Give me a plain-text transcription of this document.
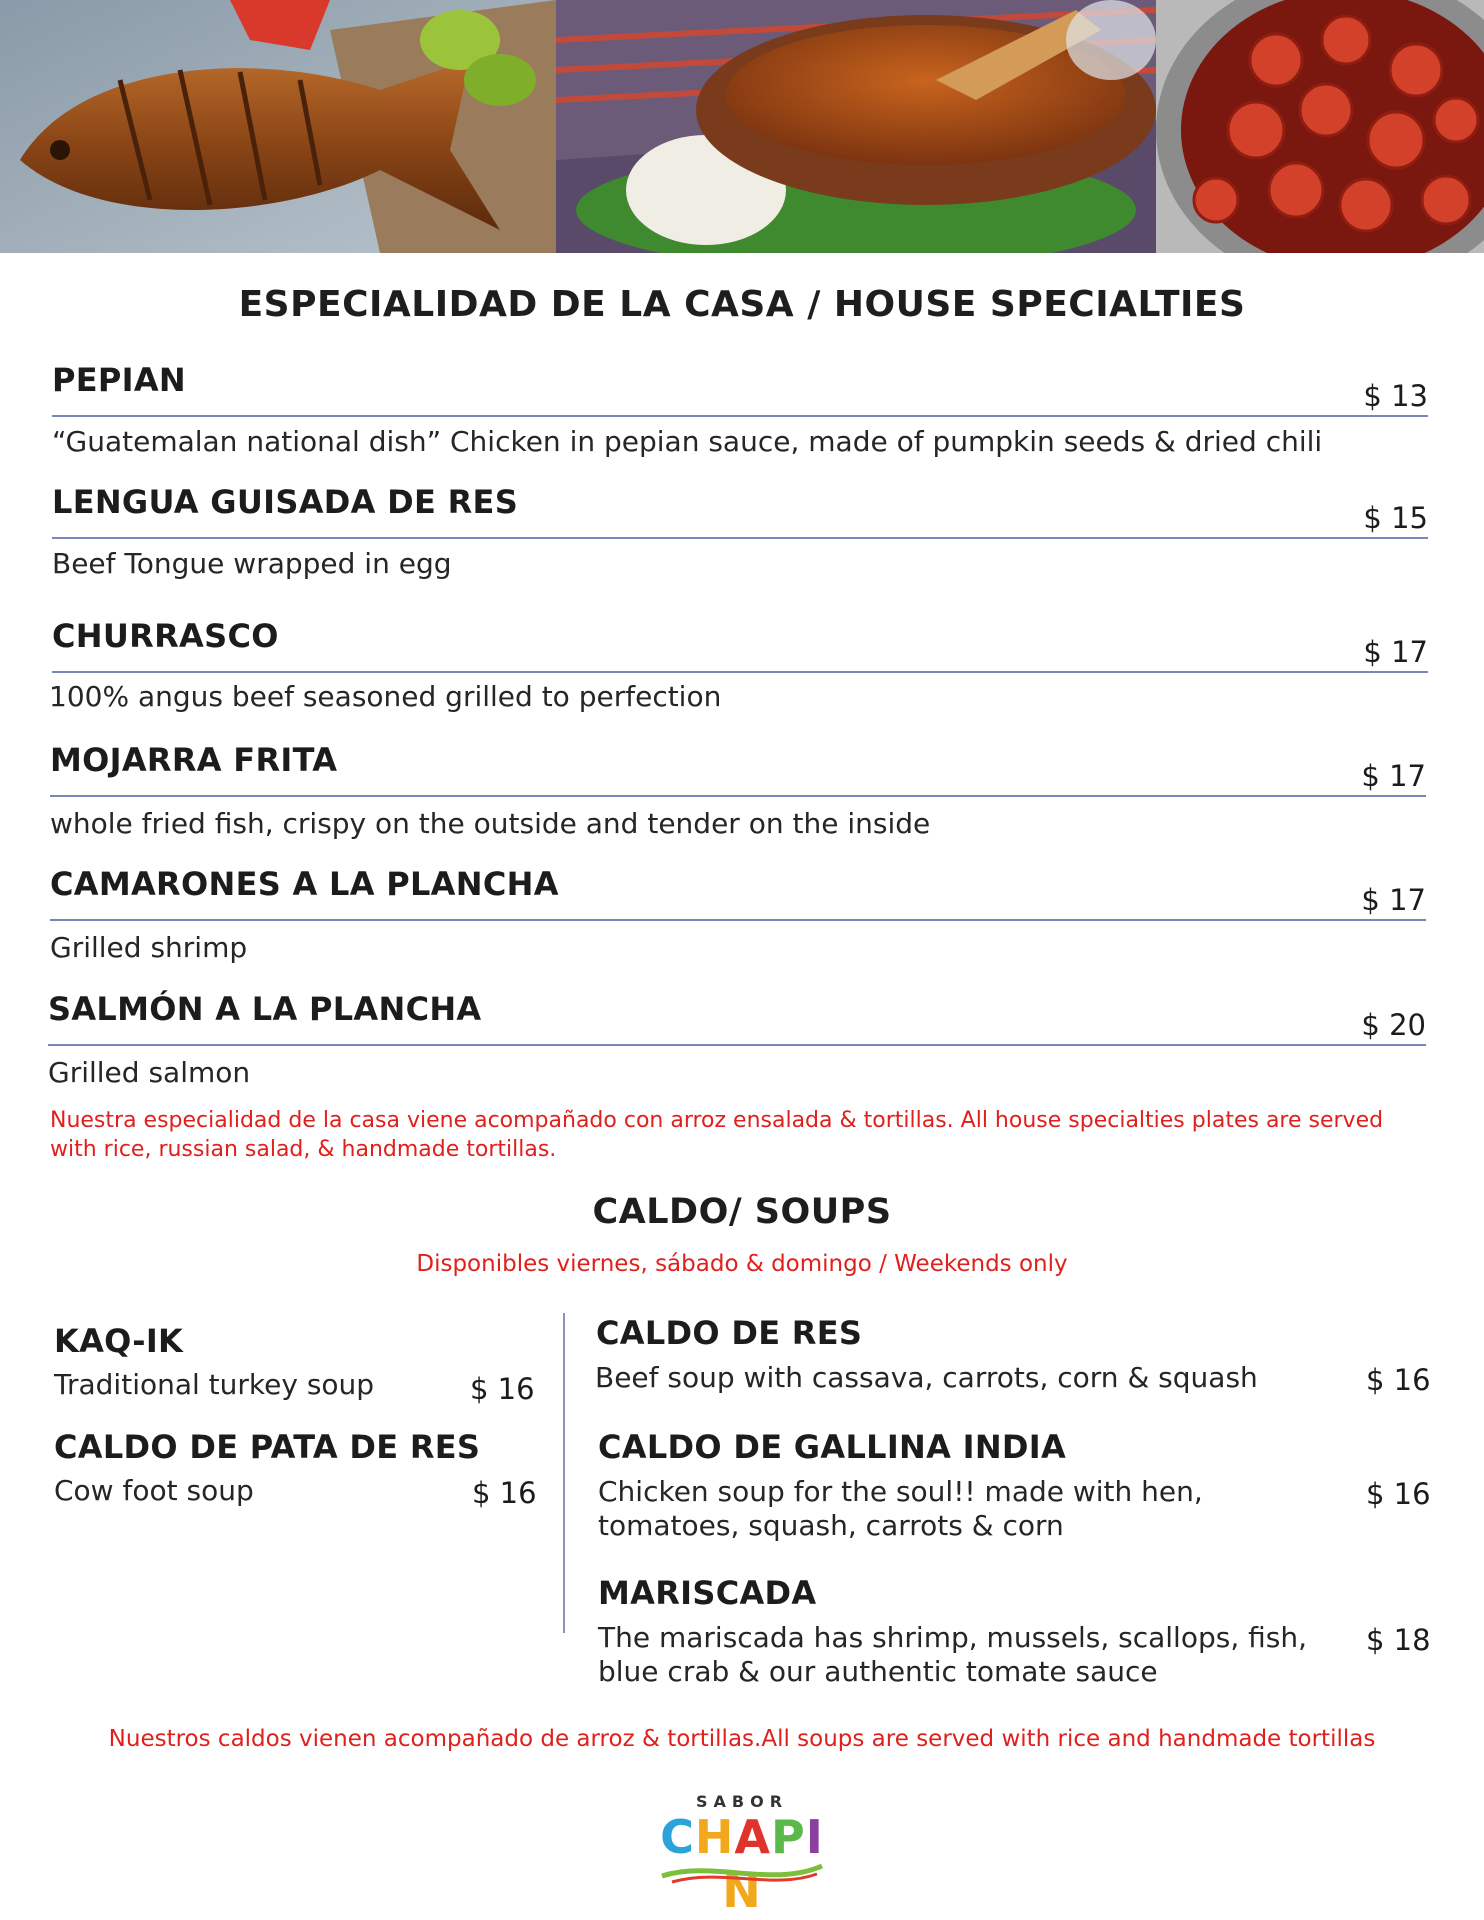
ESPECIALIDAD DE LA CASA / HOUSE SPECIALTIES
PEPIAN	$ 13
“Guatemalan national dish” Chicken in pepian sauce, made of pumpkin seeds & dried chili
LENGUA GUISADA DE RES	$ 15
Beef Tongue wrapped in egg
CHURRASCO	$ 17
100% angus beef seasoned grilled to perfection
MOJARRA FRITA	$ 17
whole fried fish, crispy on the outside and tender on the inside
CAMARONES A LA PLANCHA	$ 17
Grilled shrimp
SALMÓN A LA PLANCHA	$ 20
Grilled salmon
Nuestra especialidad de la casa viene acompañado con arroz ensalada & tortillas. All house specialties plates are served with rice, russian salad, & handmade tortillas.
CALDO/ SOUPS
Disponibles viernes, sábado & domingo / Weekends only
KAQ-IK
Traditional turkey soup	$ 16
CALDO DE PATA DE RES
Cow foot soup	$ 16
CALDO DE RES
Beef soup with cassava, carrots, corn & squash	$ 16
CALDO DE GALLINA INDIA
Chicken soup for the soul!! made with hen, tomatoes, squash, carrots & corn
$ 16
MARISCADA
The mariscada has shrimp, mussels, scallops, fish, blue crab & our authentic tomate sauce
$ 18
Nuestros caldos vienen acompañado de arroz & tortillas.All soups are served with rice and handmade tortillas
SABOR
CHAPIN
